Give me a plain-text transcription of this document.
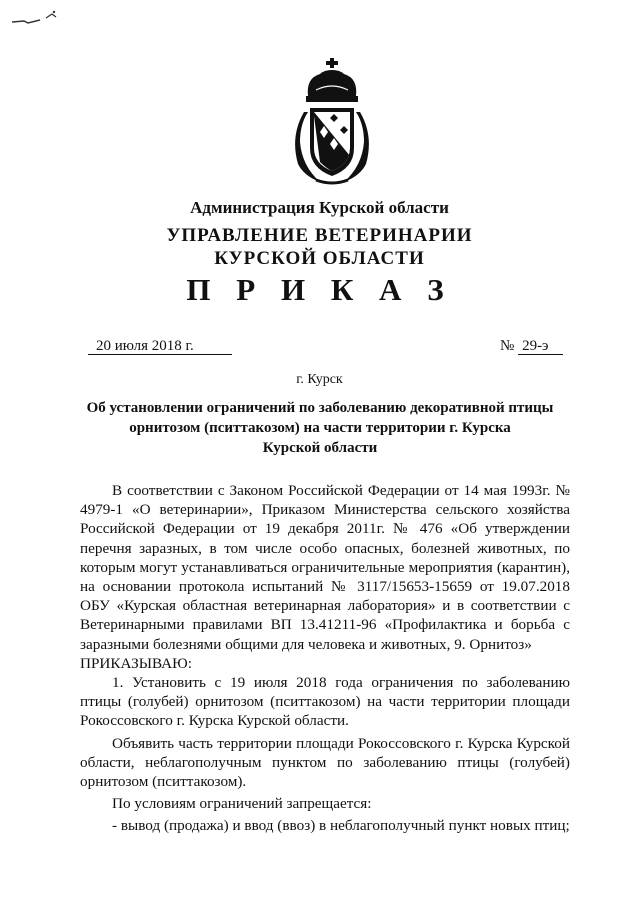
Администрация Курской области
УПРАВЛЕНИЕ ВЕТЕРИНАРИИ
КУРСКОЙ ОБЛАСТИ
П Р И К А З
20 июля 2018 г.	№ 29-э
г. Курск
Об установлении ограничений по заболеванию декоративной птицы
орнитозом (пситтакозом) на части территории г. Курска
Курской области

В соответствии с Законом Российской Федерации от 14 мая 1993г. № 4979-1 «О ветеринарии», Приказом Министерства сельского хозяйства Российской Федерации от 19 декабря 2011г. № 476 «Об утверждении перечня заразных, в том числе особо опасных, болезней животных, по которым могут устанавливаться ограничительные мероприятия (карантин), на основании протокола испытаний № 3117/15653-15659 от 19.07.2018 ОБУ «Курская областная ветеринарная лаборатория» и в соответствии с Ветеринарными правилами ВП 13.41211-96 «Профилактика и борьба с заразными болезнями общими для человека и животных, 9. Орнитоз»

ПРИКАЗЫВАЮ:

1. Установить с 19 июля 2018 года ограничения по заболеванию птицы (голубей) орнитозом (пситтакозом) на части территории площади Рокоссовского г. Курска Курской области.

Объявить часть территории площади Рокоссовского г. Курска Курской области, неблагополучным пунктом по заболеванию птицы (голубей) орнитозом (пситтакозом).

По условиям ограничений запрещается:

- вывод (продажа) и ввод (ввоз) в неблагополучный пункт новых птиц;
